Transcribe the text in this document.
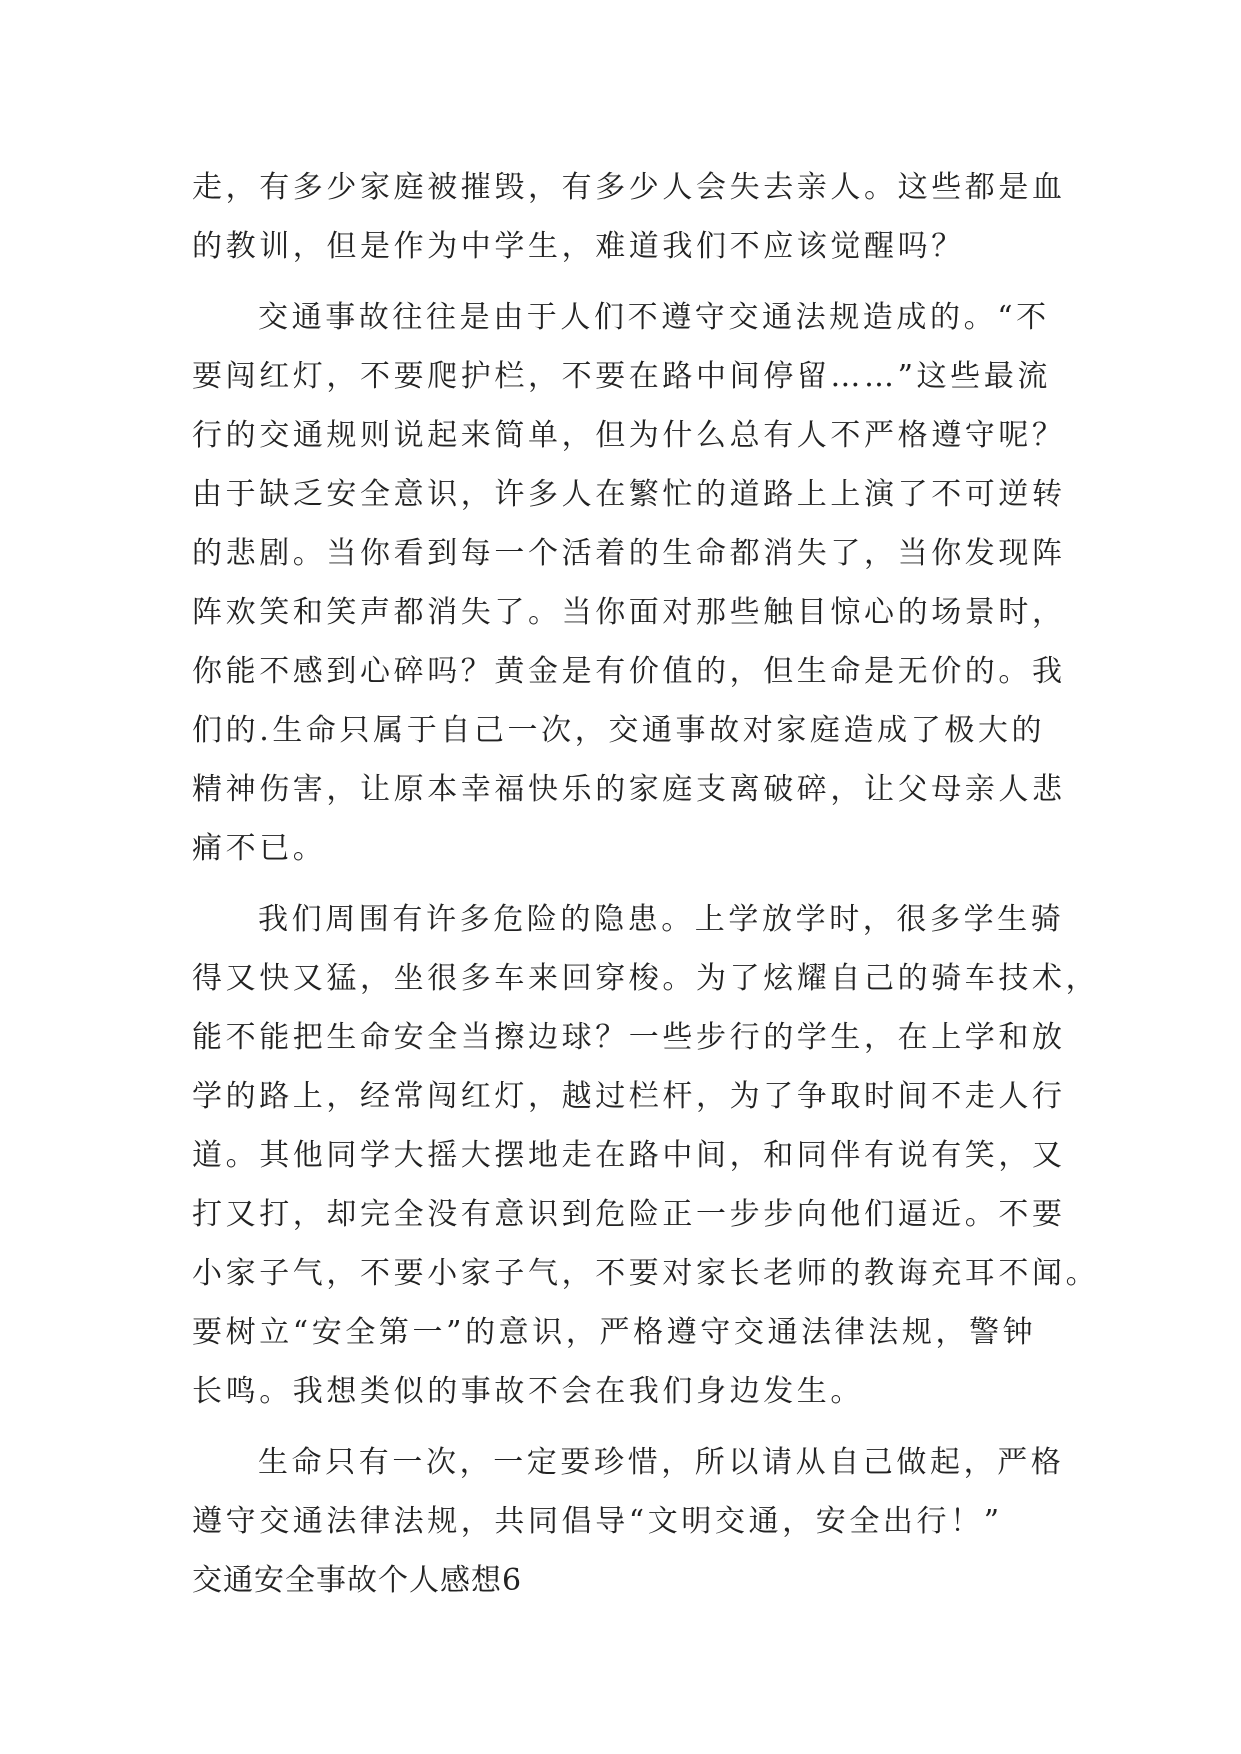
走，有多少家庭被摧毁，有多少人会失去亲人。这些都是血
的教训，但是作为中学生，难道我们不应该觉醒吗？
交通事故往往是由于人们不遵守交通法规造成的。“不
要闯红灯，不要爬护栏，不要在路中间停留……”这些最流
行的交通规则说起来简单，但为什么总有人不严格遵守呢？
由于缺乏安全意识，许多人在繁忙的道路上上演了不可逆转
的悲剧。当你看到每一个活着的生命都消失了，当你发现阵
阵欢笑和笑声都消失了。当你面对那些触目惊心的场景时，
你能不感到心碎吗？黄金是有价值的，但生命是无价的。我
们的.生命只属于自己一次，交通事故对家庭造成了极大的
精神伤害，让原本幸福快乐的家庭支离破碎，让父母亲人悲
痛不已。
我们周围有许多危险的隐患。上学放学时，很多学生骑
得又快又猛，坐很多车来回穿梭。为了炫耀自己的骑车技术，
能不能把生命安全当擦边球？一些步行的学生，在上学和放
学的路上，经常闯红灯，越过栏杆，为了争取时间不走人行
道。其他同学大摇大摆地走在路中间，和同伴有说有笑，又
打又打，却完全没有意识到危险正一步步向他们逼近。不要
小家子气，不要小家子气，不要对家长老师的教诲充耳不闻。
要树立“安全第一”的意识，严格遵守交通法律法规，警钟
长鸣。我想类似的事故不会在我们身边发生。
生命只有一次，一定要珍惜，所以请从自己做起，严格
遵守交通法律法规，共同倡导“文明交通，安全出行！”
交通安全事故个人感想6
